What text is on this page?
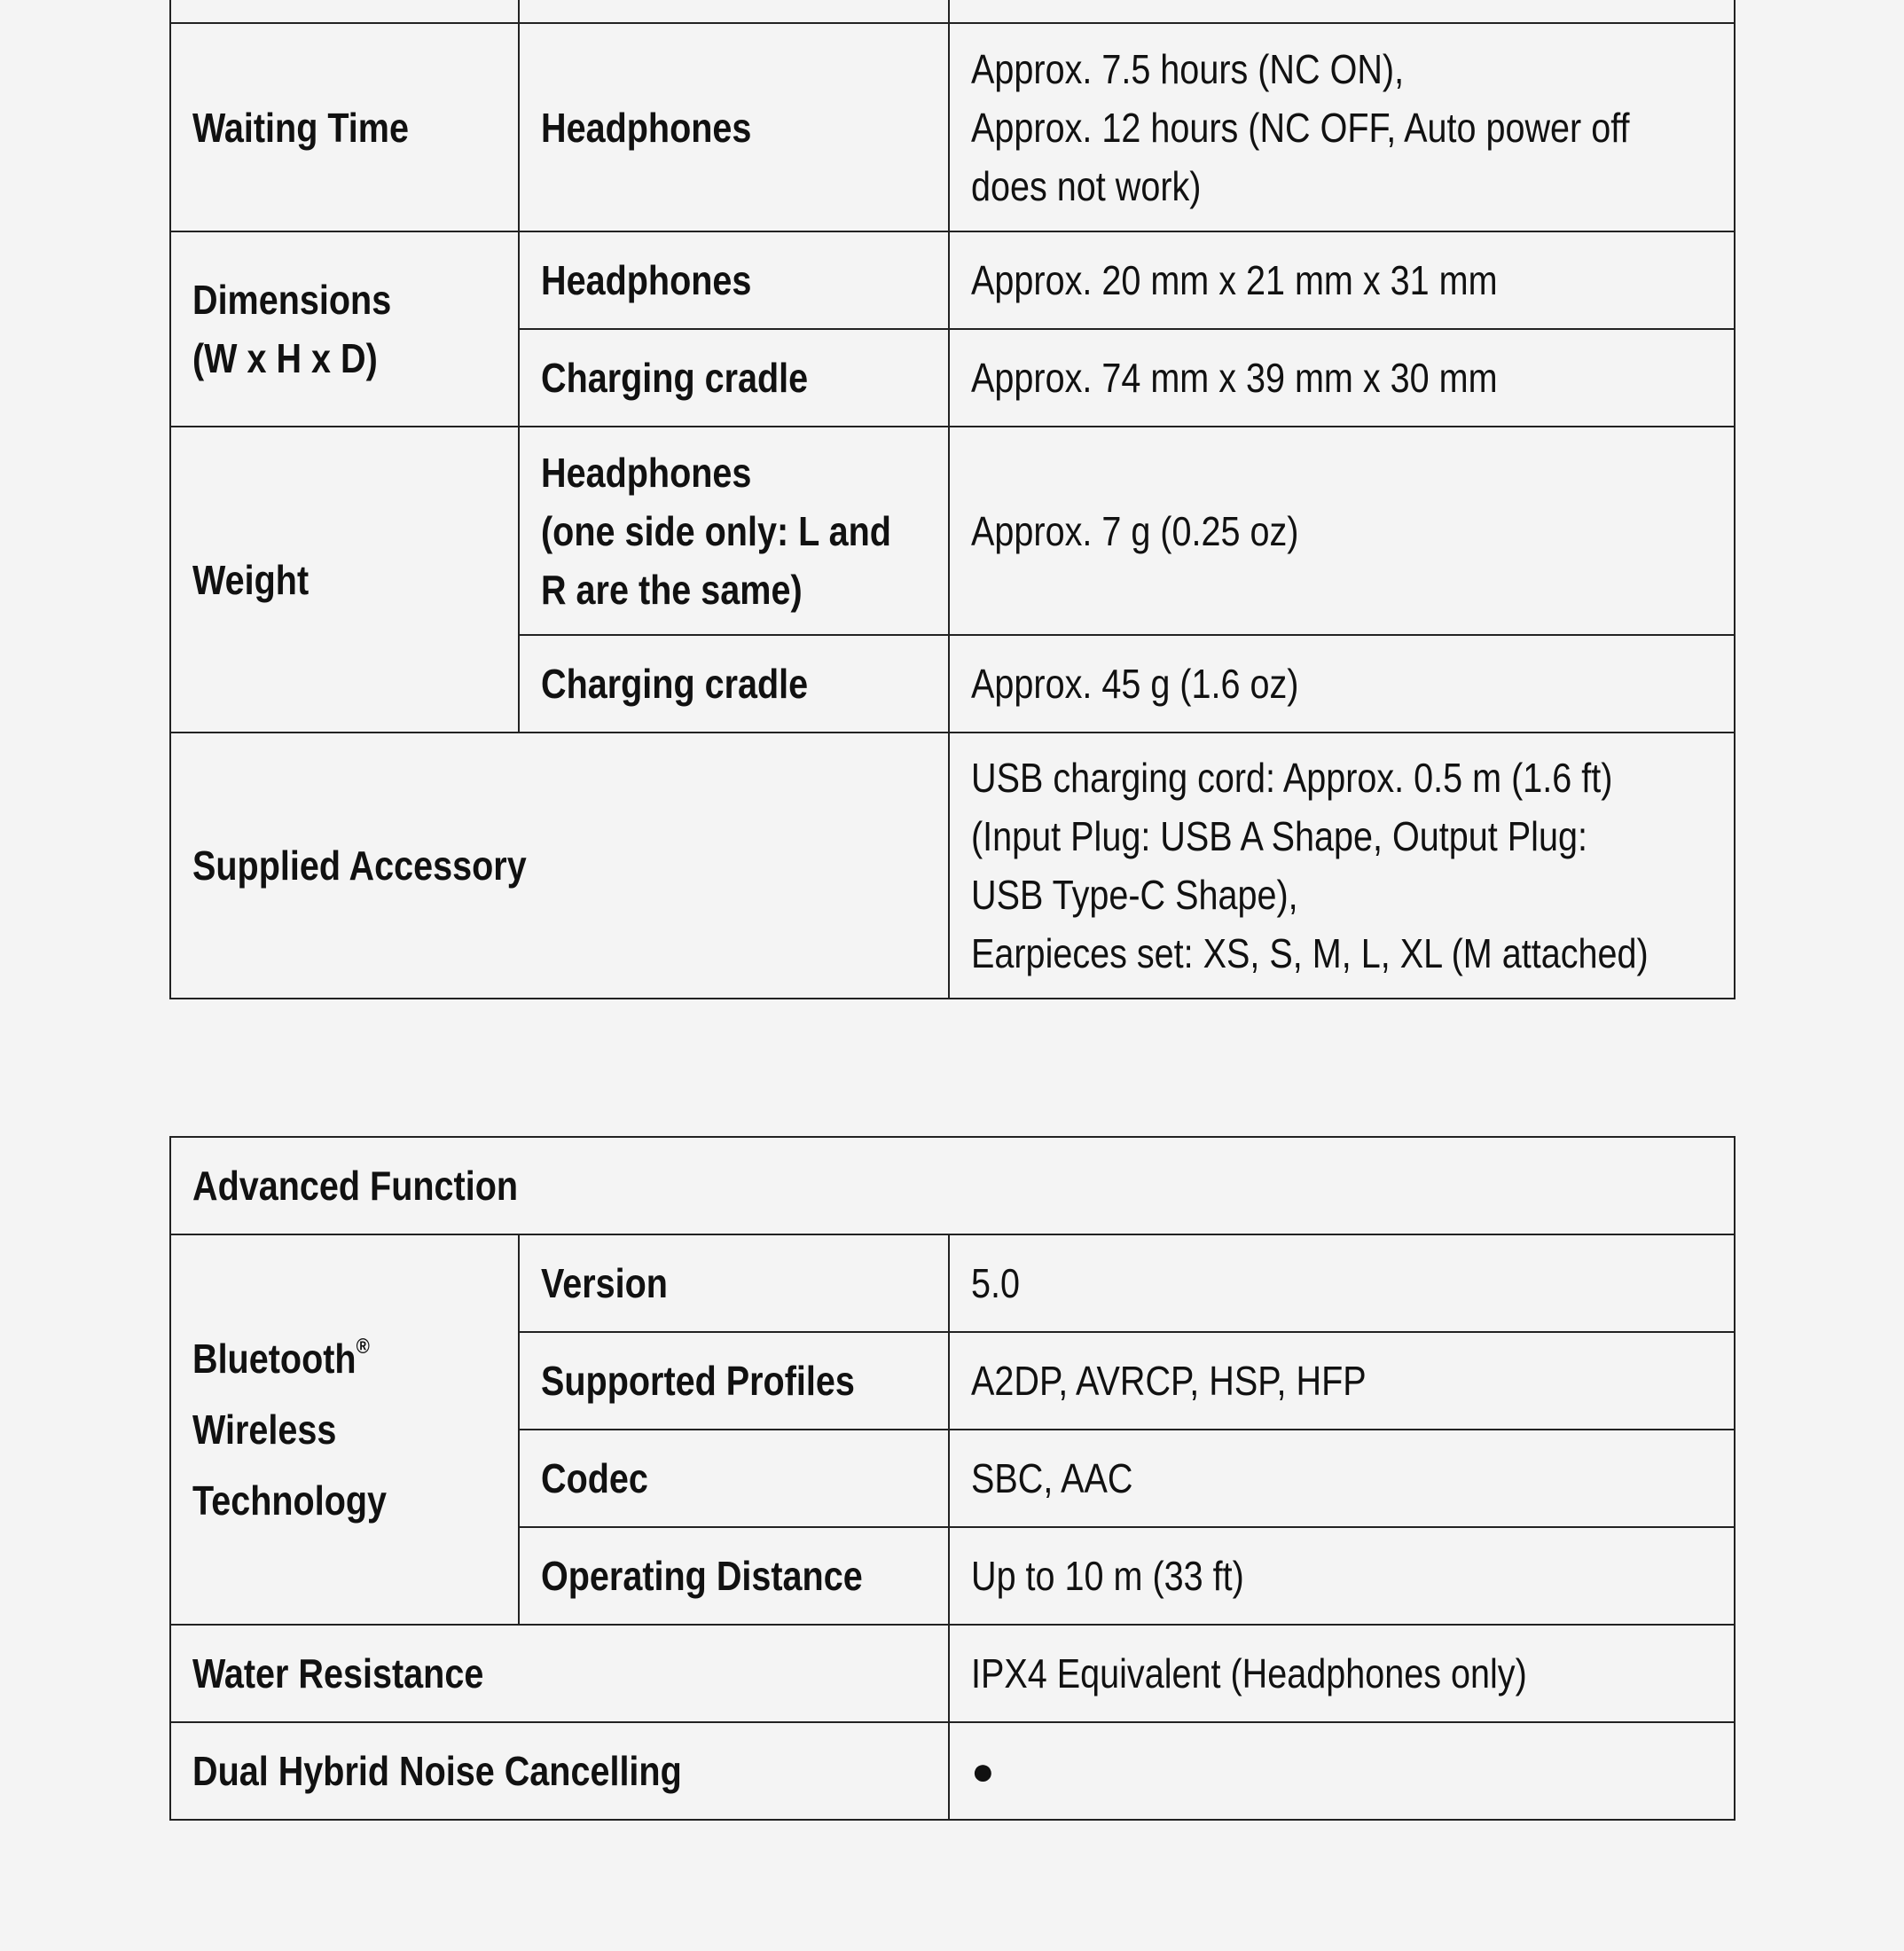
Waiting Time	Headphones	Approx. 7.5 hours (NC ON),
Approx. 12 hours (NC OFF, Auto power off
does not work)

Dimensions
(W x H x D)	Headphones	Approx. 20 mm x 21 mm x 31 mm
	Charging cradle	Approx. 74 mm x 39 mm x 30 mm
Weight	Headphones
(one side only: L and
R are the same)	Approx. 7 g (0.25 oz)
	Charging cradle	Approx. 45 g (1.6 oz)
Supplied Accessory		USB charging cord: Approx. 0.5 m (1.6 ft)
(Input Plug: USB A Shape, Output Plug:
USB Type-C Shape),
Earpieces set: XS, S, M, L, XL (M attached)
Advanced Function		

Bluetooth®
Wireless
Technology	Version	5.0
	Supported Profiles	A2DP, AVRCP, HSP, HFP
	Codec	SBC, AAC
	Operating Distance	Up to 10 m (33 ft)
Water Resistance		IPX4 Equivalent (Headphones only)
Dual Hybrid Noise Cancelling		●
